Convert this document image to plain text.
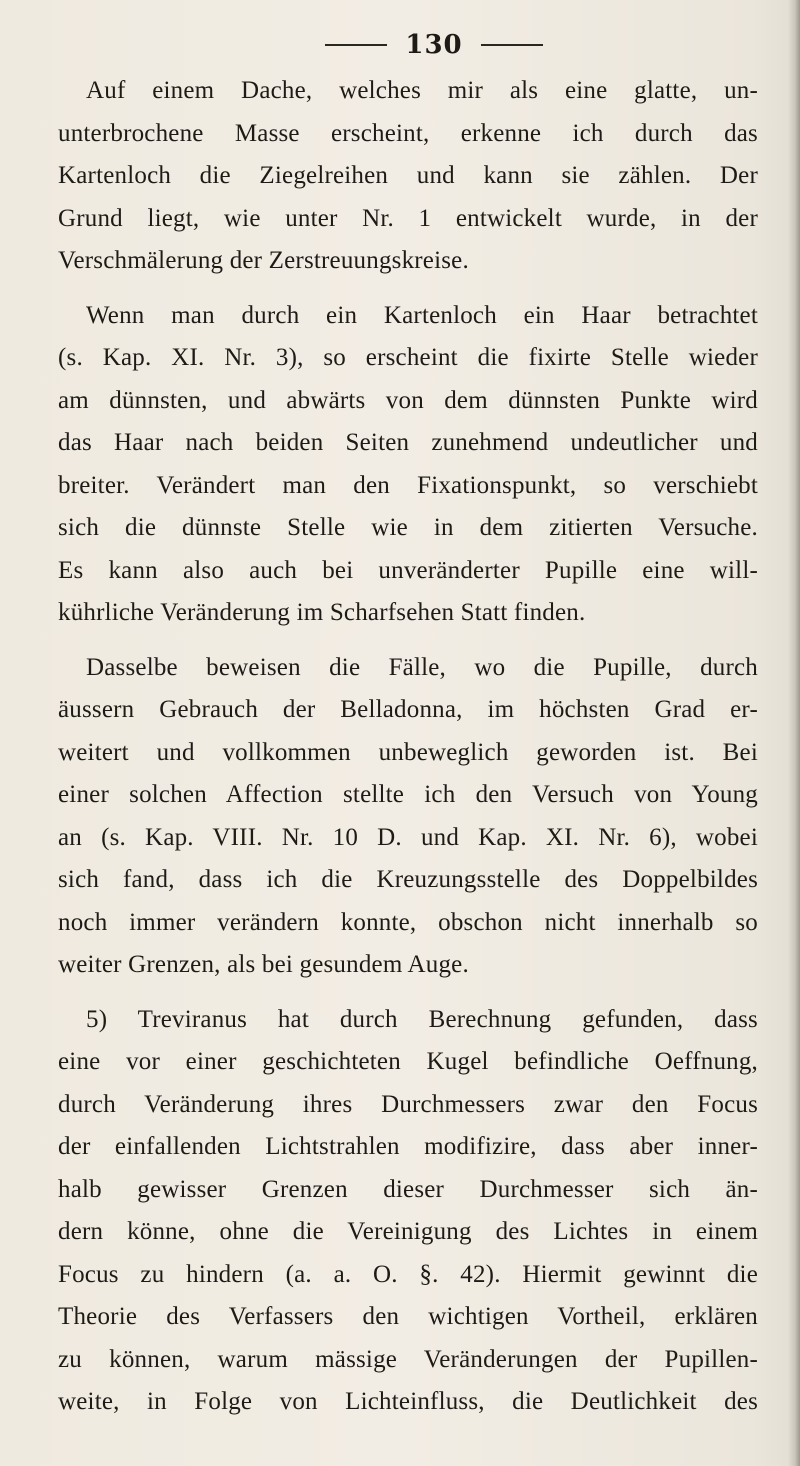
130
Auf einem Dache, welches mir als eine glatte, un-
unterbrochene Masse erscheint, erkenne ich durch das
Kartenloch die Ziegelreihen und kann sie zählen. Der
Grund liegt, wie unter Nr. 1 entwickelt wurde, in der
Verschmälerung der Zerstreuungskreise.
Wenn man durch ein Kartenloch ein Haar betrachtet
(s. Kap. XI. Nr. 3), so erscheint die fixirte Stelle wieder
am dünnsten, und abwärts von dem dünnsten Punkte wird
das Haar nach beiden Seiten zunehmend undeutlicher und
breiter. Verändert man den Fixationspunkt, so verschiebt
sich die dünnste Stelle wie in dem zitierten Versuche.
Es kann also auch bei unveränderter Pupille eine will-
kührliche Veränderung im Scharfsehen Statt finden.
Dasselbe beweisen die Fälle, wo die Pupille, durch
äussern Gebrauch der Belladonna, im höchsten Grad er-
weitert und vollkommen unbeweglich geworden ist. Bei
einer solchen Affection stellte ich den Versuch von Young
an (s. Kap. VIII. Nr. 10 D. und Kap. XI. Nr. 6), wobei
sich fand, dass ich die Kreuzungsstelle des Doppelbildes
noch immer verändern konnte, obschon nicht innerhalb so
weiter Grenzen, als bei gesundem Auge.
5) Treviranus hat durch Berechnung gefunden, dass
eine vor einer geschichteten Kugel befindliche Oeffnung,
durch Veränderung ihres Durchmessers zwar den Focus
der einfallenden Lichtstrahlen modifizire, dass aber inner-
halb gewisser Grenzen dieser Durchmesser sich än-
dern könne, ohne die Vereinigung des Lichtes in einem
Focus zu hindern (a. a. O. §. 42). Hiermit gewinnt die
Theorie des Verfassers den wichtigen Vortheil, erklären
zu können, warum mässige Veränderungen der Pupillen-
weite, in Folge von Lichteinfluss, die Deutlichkeit des
